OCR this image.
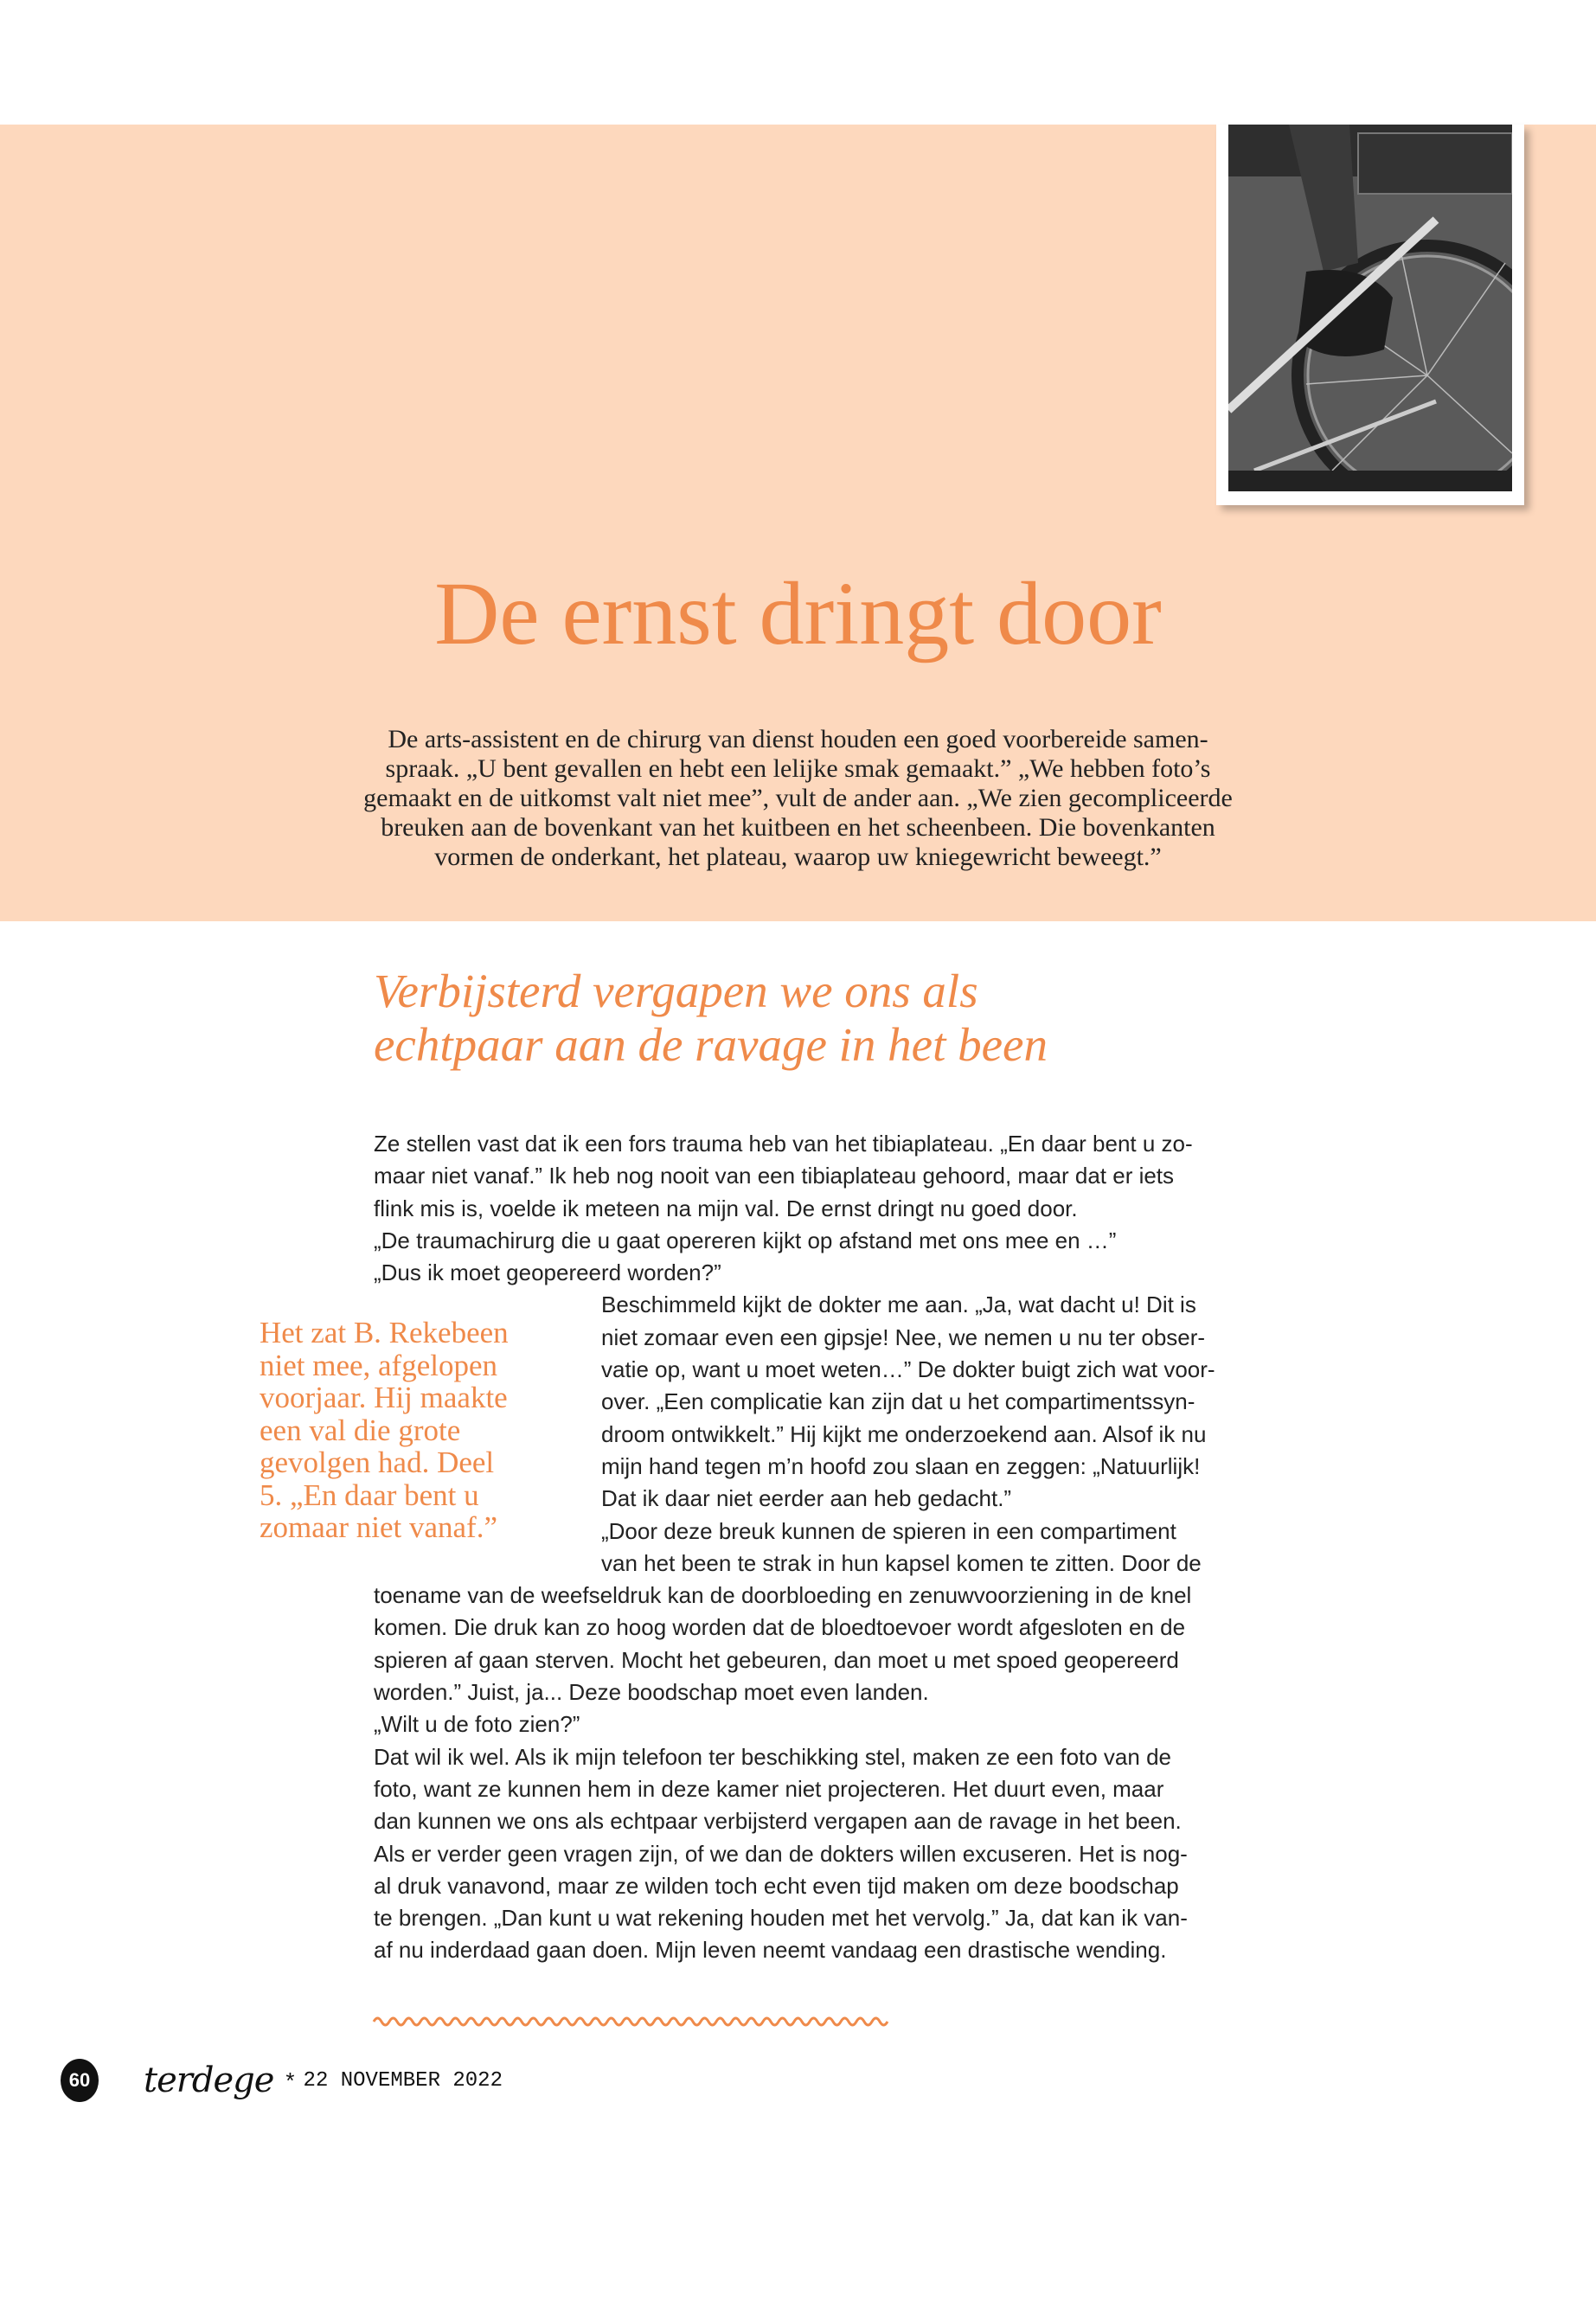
De ernst dringt door
De arts-assistent en de chirurg van dienst houden een goed voorbereide samen-
spraak. „U bent gevallen en hebt een lelijke smak gemaakt.” „We hebben foto’s
gemaakt en de uitkomst valt niet mee”, vult de ander aan. „We zien gecompliceerde
breuken aan de bovenkant van het kuitbeen en het scheenbeen. Die bovenkanten
vormen de onderkant, het plateau, waarop uw kniegewricht beweegt.”
Verbijsterd vergapen we ons als
echtpaar aan de ravage in het been
Ze stellen vast dat ik een fors trauma heb van het tibiaplateau. „En daar bent u zo-
maar niet vanaf.” Ik heb nog nooit van een tibiaplateau gehoord, maar dat er iets
flink mis is, voelde ik meteen na mijn val. De ernst dringt nu goed door.
„De traumachirurg die u gaat opereren kijkt op afstand met ons mee en …”
„Dus ik moet geopereerd worden?”
Beschimmeld kijkt de dokter me aan. „Ja, wat dacht u! Dit is
niet zomaar even een gipsje! Nee, we nemen u nu ter obser-
vatie op, want u moet weten…” De dokter buigt zich wat voor-
over. „Een complicatie kan zijn dat u het compartimentssyn-
droom ontwikkelt.” Hij kijkt me onderzoekend aan. Alsof ik nu
mijn hand tegen m’n hoofd zou slaan en zeggen: „Natuurlijk!
Dat ik daar niet eerder aan heb gedacht.”
„Door deze breuk kunnen de spieren in een compartiment
van het been te strak in hun kapsel komen te zitten. Door de
toename van de weefseldruk kan de doorbloeding en zenuwvoorziening in de knel
komen. Die druk kan zo hoog worden dat de bloedtoevoer wordt afgesloten en de
spieren af gaan sterven. Mocht het gebeuren, dan moet u met spoed geopereerd
worden.” Juist, ja... Deze boodschap moet even landen.
„Wilt u de foto zien?”
Dat wil ik wel. Als ik mijn telefoon ter beschikking stel, maken ze een foto van de
foto, want ze kunnen hem in deze kamer niet projecteren. Het duurt even, maar
dan kunnen we ons als echtpaar verbijsterd vergapen aan de ravage in het been.
Als er verder geen vragen zijn, of we dan de dokters willen excuseren. Het is nog-
al druk vanavond, maar ze wilden toch echt even tijd maken om deze boodschap
te brengen. „Dan kunt u wat rekening houden met het vervolg.” Ja, dat kan ik van-
af nu inderdaad gaan doen. Mijn leven neemt vandaag een drastische wending.
Het zat B. Rekebeen
niet mee, afgelopen
voorjaar. Hij maakte
een val die grote
gevolgen had. Deel
5. „En daar bent u
zomaar niet vanaf.”
60 terdege * 22 NOVEMBER 2022
